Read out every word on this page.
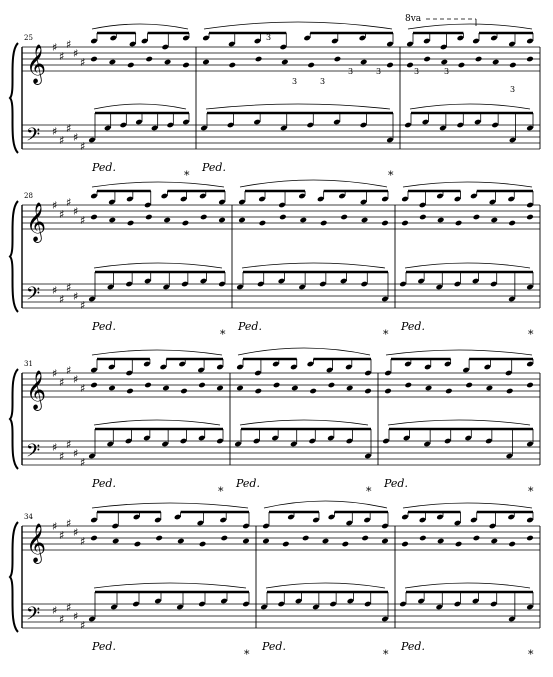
𝄞 ♯
♯
♯
♯
♯
𝄢 ♯
♯
♯
♯
♯
25
Ped.
*
Ped.
*
𝄞 ♯
♯
♯
♯
♯
𝄢 ♯
♯
♯
♯
♯
28
Ped.
*
Ped.
*
Ped.
*
𝄞 ♯
♯
♯
♯
♯
𝄢 ♯
♯
♯
♯
♯
31
Ped.
*
Ped.
*
Ped.
*
𝄞 ♯
♯
♯
♯
♯
𝄢 ♯
♯
♯
♯
♯
34
Ped.
*
Ped.
*
Ped.
*
3
3	3
3	3	3	3
3
8va
